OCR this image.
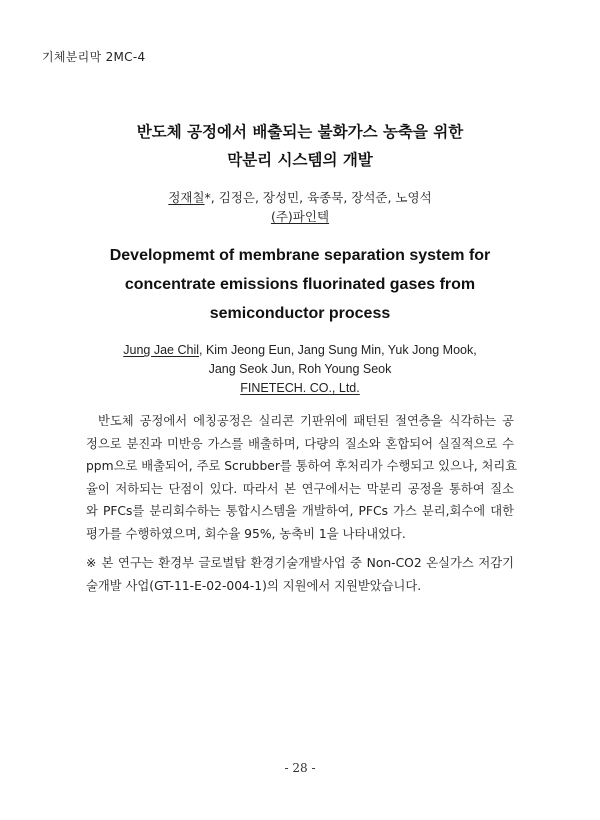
기체분리막 2MC-4
반도체 공정에서 배출되는 불화가스 농축을 위한
막분리 시스템의 개발
정재칠*, 김정은, 장성민, 육종묵, 장석준, 노영석
(주)파인텍
Developmemt of membrane separation system for
concentrate emissions fluorinated gases from
semiconductor process
Jung Jae Chil, Kim Jeong Eun, Jang Sung Min, Yuk Jong Mook,
Jang Seok Jun, Roh Young Seok
FINETECH. CO., Ltd.
반도체 공정에서 에칭공정은 실리콘 기판위에 패턴된 절연층을 식각하는 공
정으로 분진과 미반응 가스를 배출하며, 다량의 질소와 혼합되어 실질적으로 수
ppm으로 배출되어, 주로 Scrubber를 통하여 후처리가 수행되고 있으나, 처리효
율이 저하되는 단점이 있다. 따라서 본 연구에서는 막분리 공정을 통하여 질소
와 PFCs를 분리회수하는 통합시스템을 개발하여, PFCs 가스 분리,회수에 대한
평가를 수행하였으며, 회수율 95%, 농축비 1을 나타내었다.
※ 본 연구는 환경부 글로벌탑 환경기술개발사업 중 Non-CO2 온실가스 저감기
술개발 사업(GT-11-E-02-004-1)의 지원에서 지원받았습니다.
- 28 -
